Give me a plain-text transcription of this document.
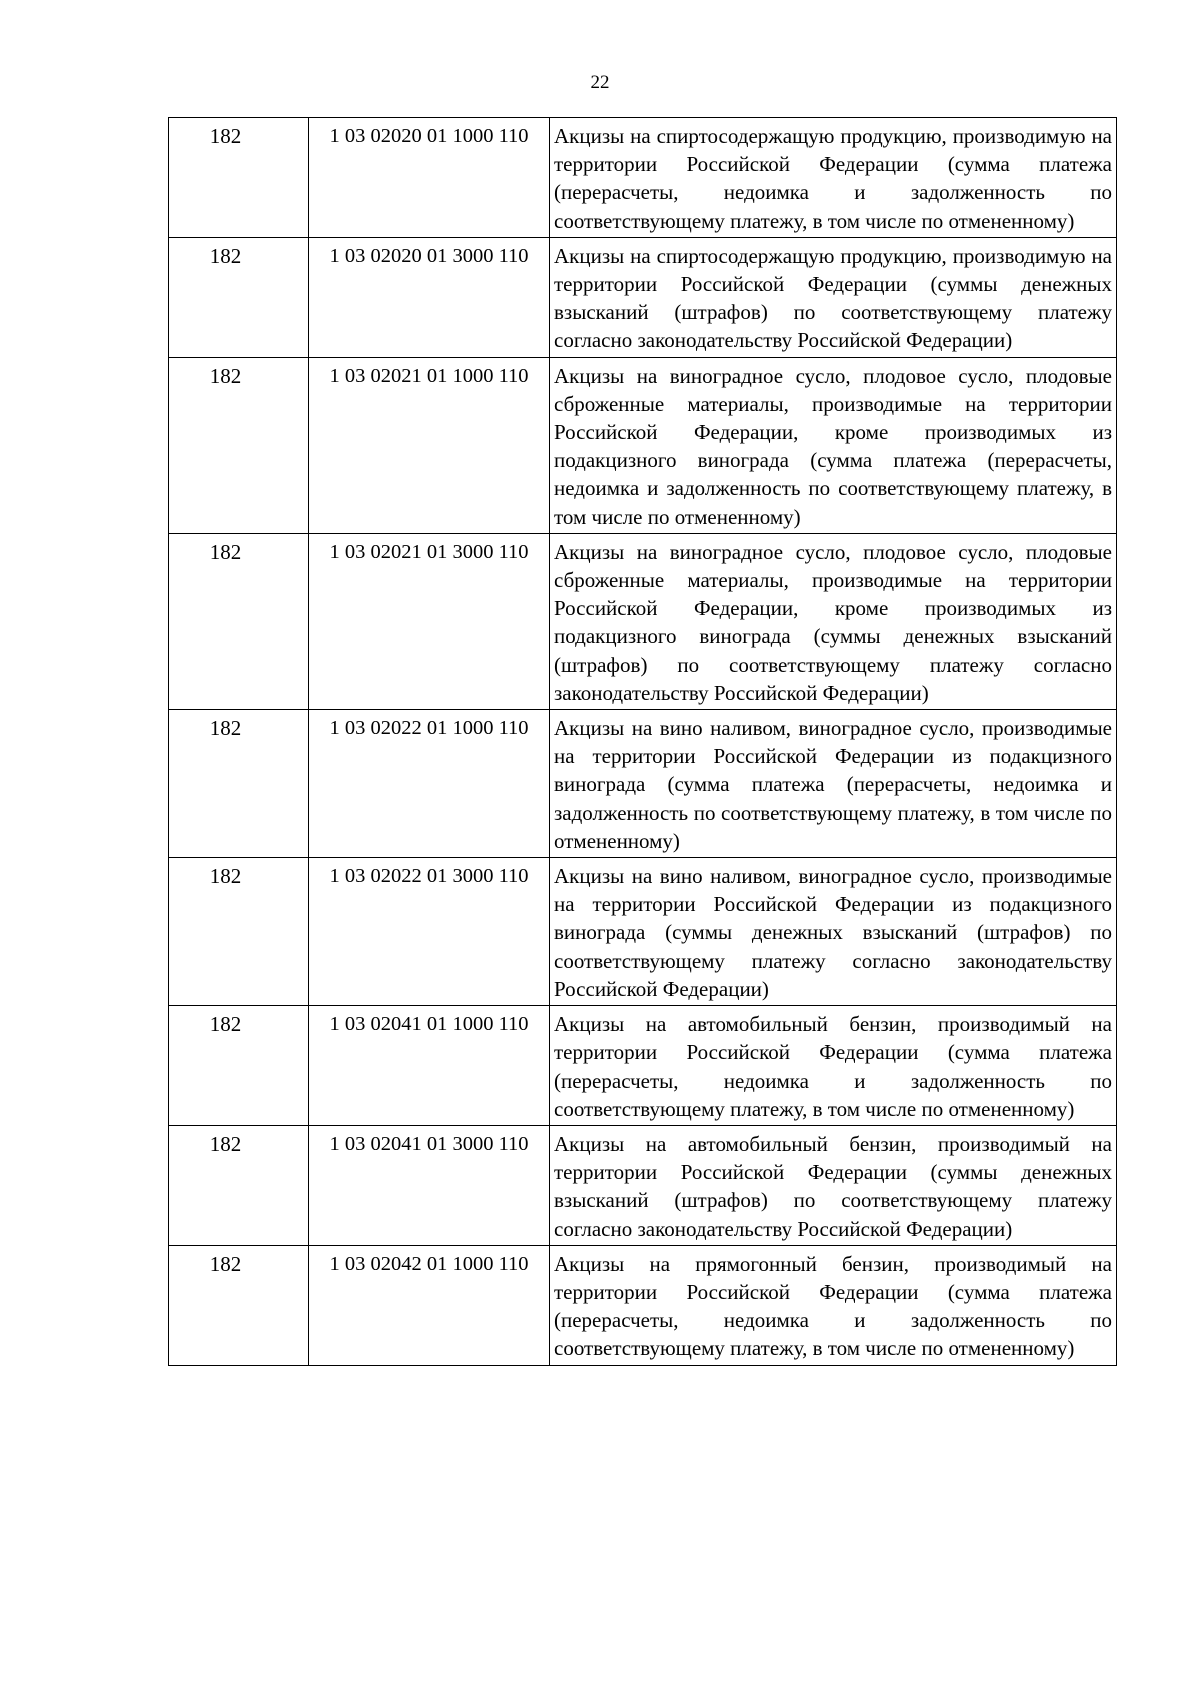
22
182	1 03 02020 01 1000 110	Акцизы на спиртосодержащую продукцию, производимую на территории Российской Федерации (сумма платежа (перерасчеты, недоимка и задолженность по соответствующему платежу, в том числе по отмененному)
182	1 03 02020 01 3000 110	Акцизы на спиртосодержащую продукцию, производимую на территории Российской Федерации (суммы денежных взысканий (штрафов) по соответствующему платежу согласно законодательству Российской Федерации)
182	1 03 02021 01 1000 110	Акцизы на виноградное сусло, плодовое сусло, плодовые сброженные материалы, производимые на территории Российской Федерации, кроме производимых из подакцизного винограда (сумма платежа (перерасчеты, недоимка и задолженность по соответствующему платежу, в том числе по отмененному)
182	1 03 02021 01 3000 110	Акцизы на виноградное сусло, плодовое сусло, плодовые сброженные материалы, производимые на территории Российской Федерации, кроме производимых из подакцизного винограда (суммы денежных взысканий (штрафов) по соответствующему платежу согласно законодательству Российской Федерации)
182	1 03 02022 01 1000 110	Акцизы на вино наливом, виноградное сусло, производимые на территории Российской Федерации из подакцизного винограда (сумма платежа (перерасчеты, недоимка и задолженность по соответствующему платежу, в том числе по отмененному)
182	1 03 02022 01 3000 110	Акцизы на вино наливом, виноградное сусло, производимые на территории Российской Федерации из подакцизного винограда (суммы денежных взысканий (штрафов) по соответствующему платежу согласно законодательству Российской Федерации)
182	1 03 02041 01 1000 110	Акцизы на автомобильный бензин, производимый на территории Российской Федерации (сумма платежа (перерасчеты, недоимка и задолженность по соответствующему платежу, в том числе по отмененному)
182	1 03 02041 01 3000 110	Акцизы на автомобильный бензин, производимый на территории Российской Федерации (суммы денежных взысканий (штрафов) по соответствующему платежу согласно законодательству Российской Федерации)
182	1 03 02042 01 1000 110	Акцизы на прямогонный бензин, производимый на территории Российской Федерации (сумма платежа (перерасчеты, недоимка и задолженность по соответствующему платежу, в том числе по отмененному)
